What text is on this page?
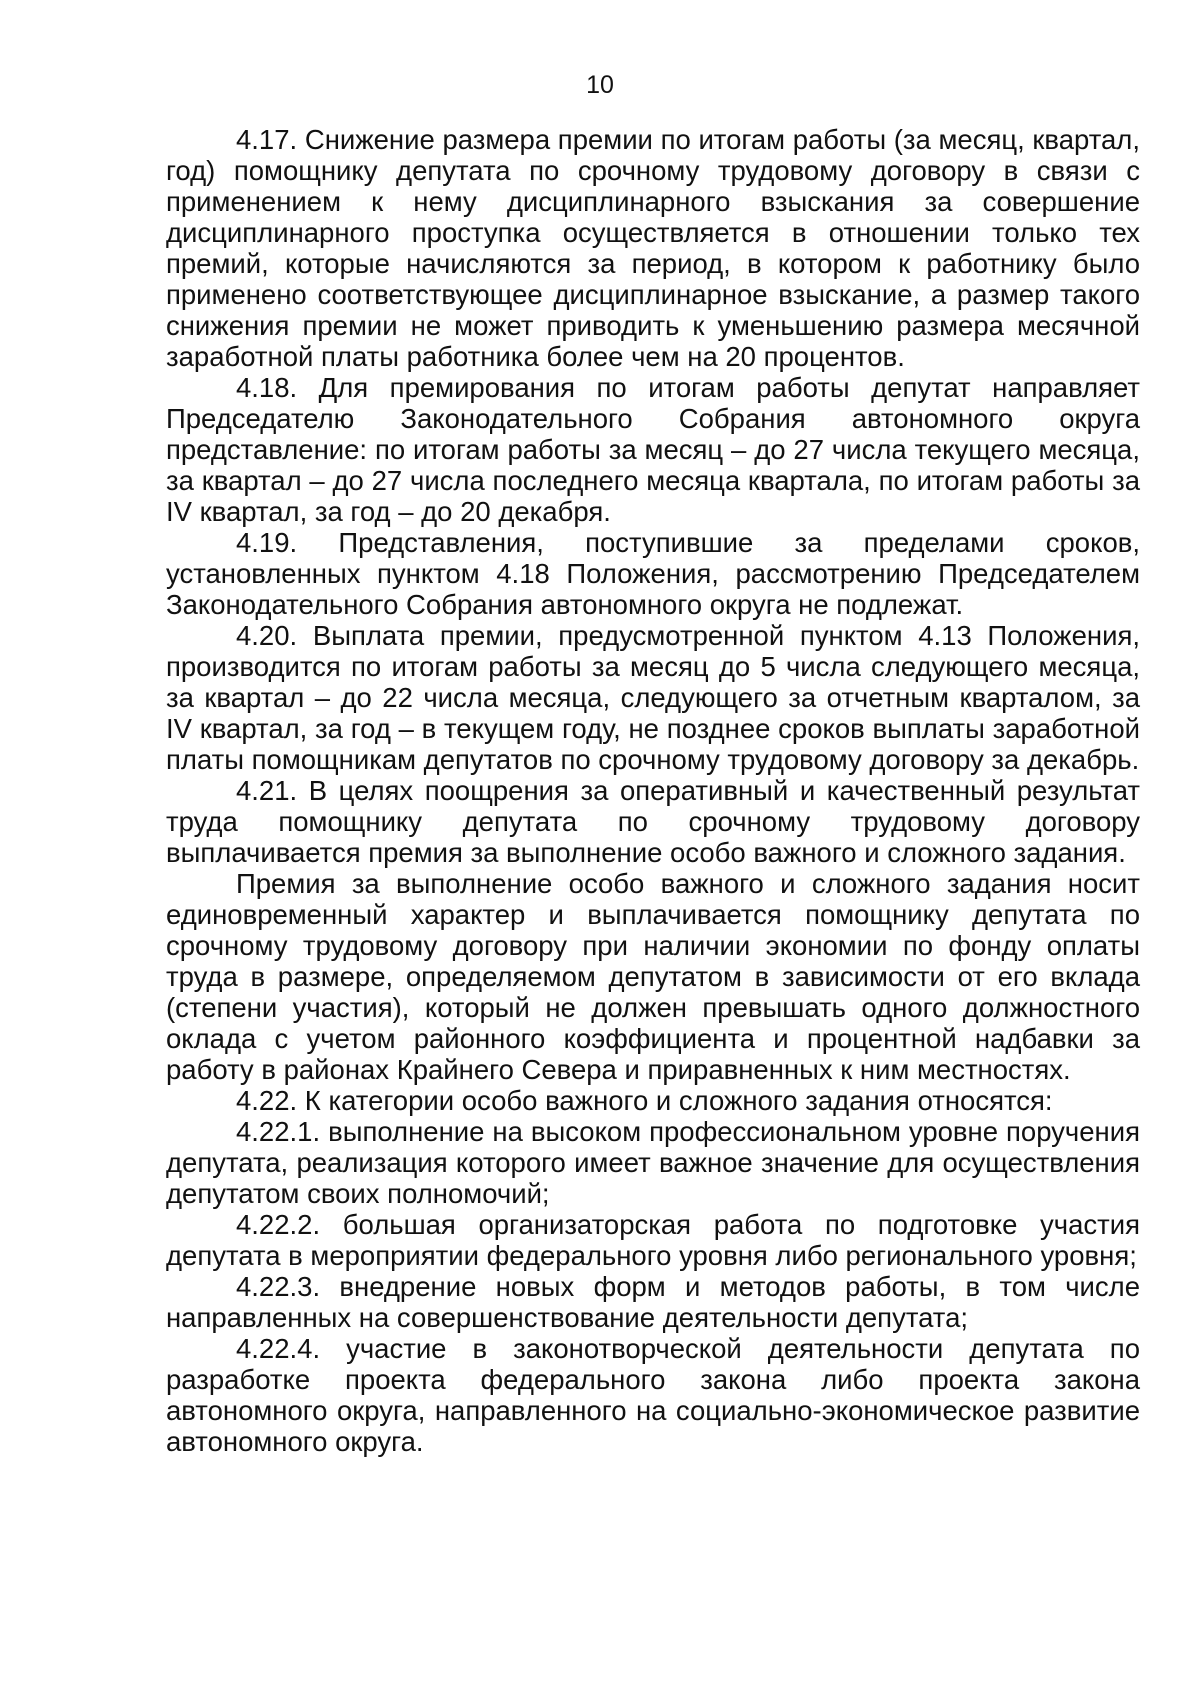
10

4.17. Снижение размера премии по итогам работы (за месяц, квартал, год) помощнику депутата по срочному трудовому договору в связи с применением к нему дисциплинарного взыскания за совершение дисциплинарного проступка осуществляется в отношении только тех премий, которые начисляются за период, в котором к работнику было применено соответствующее дисциплинарное взыскание, а размер такого снижения премии не может приводить к уменьшению размера месячной заработной платы работника более чем на 20 процентов.

4.18. Для премирования по итогам работы депутат направляет Председателю Законодательного Собрания автономного округа представление: по итогам работы за месяц – до 27 числа текущего месяца, за квартал – до 27 числа последнего месяца квартала, по итогам работы за IV квартал, за год – до 20 декабря.

4.19. Представления, поступившие за пределами сроков, установленных пунктом 4.18 Положения, рассмотрению Председателем Законодательного Собрания автономного округа не подлежат.

4.20. Выплата премии, предусмотренной пунктом 4.13 Положения, производится по итогам работы за месяц до 5 числа следующего месяца, за квартал – до 22 числа месяца, следующего за отчетным кварталом, за IV квартал, за год – в текущем году, не позднее сроков выплаты заработной платы помощникам депутатов по срочному трудовому договору за декабрь.

4.21. В целях поощрения за оперативный и качественный результат труда помощнику депутата по срочному трудовому договору выплачивается премия за выполнение особо важного и сложного задания.

Премия за выполнение особо важного и сложного задания носит единовременный характер и выплачивается помощнику депутата по срочному трудовому договору при наличии экономии по фонду оплаты труда в размере, определяемом депутатом в зависимости от его вклада (степени участия), который не должен превышать одного должностного оклада с учетом районного коэффициента и процентной надбавки за работу в районах Крайнего Севера и приравненных к ним местностях.

4.22. К категории особо важного и сложного задания относятся:

4.22.1. выполнение на высоком профессиональном уровне поручения депутата, реализация которого имеет важное значение для осуществления депутатом своих полномочий;

4.22.2. большая организаторская работа по подготовке участия депутата в мероприятии федерального уровня либо регионального уровня;

4.22.3. внедрение новых форм и методов работы, в том числе направленных на совершенствование деятельности депутата;

4.22.4. участие в законотворческой деятельности депутата по разработке проекта федерального закона либо проекта закона автономного округа, направленного на социально-экономическое развитие автономного округа.
